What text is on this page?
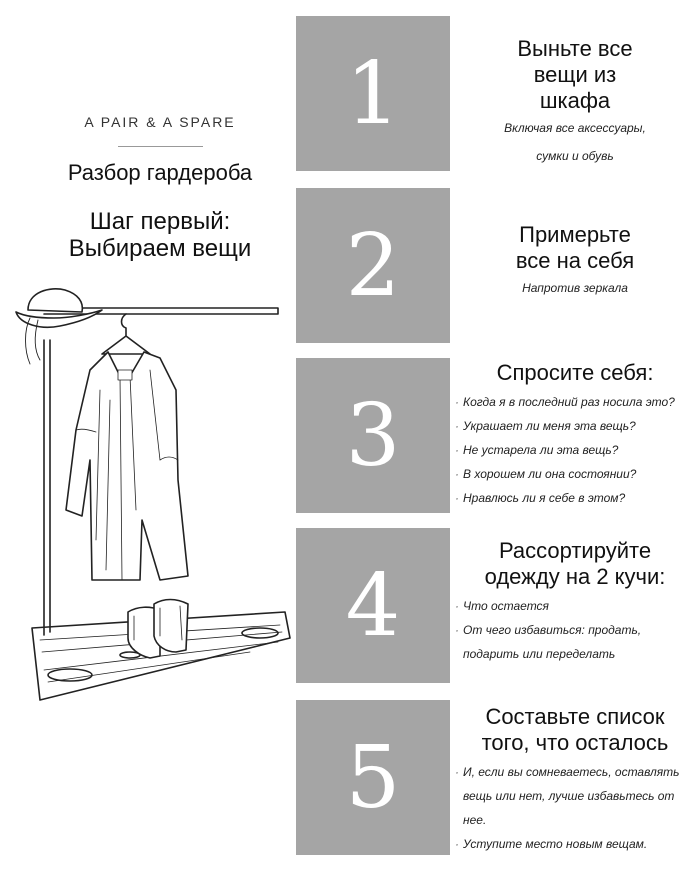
A PAIR & A SPARE
Разбор гардероба
Шаг первый:
Выбираем вещи
1	Выньте все
вещи из
шкафа
Включая все аксессуары,
сумки и обувь
2	Примерьте
все на себя
Напротив зеркала
3
Спросите себя:
· Когда я в последний раз носила это?
· Украшает ли меня эта вещь?
· Не устарела ли эта вещь?
· В хорошем ли она состоянии?
· Нравлюсь ли я себе в этом?
4
Рассортируйте
одежду на 2 кучи:
· Что остается
· От чего избавиться: продать,
подарить или переделать
5
Составьте список
того, что осталось
· И, если вы сомневаетесь, оставлять
вещь или нет, лучше избавьтесь от
нее.
· Уступите место новым вещам.
